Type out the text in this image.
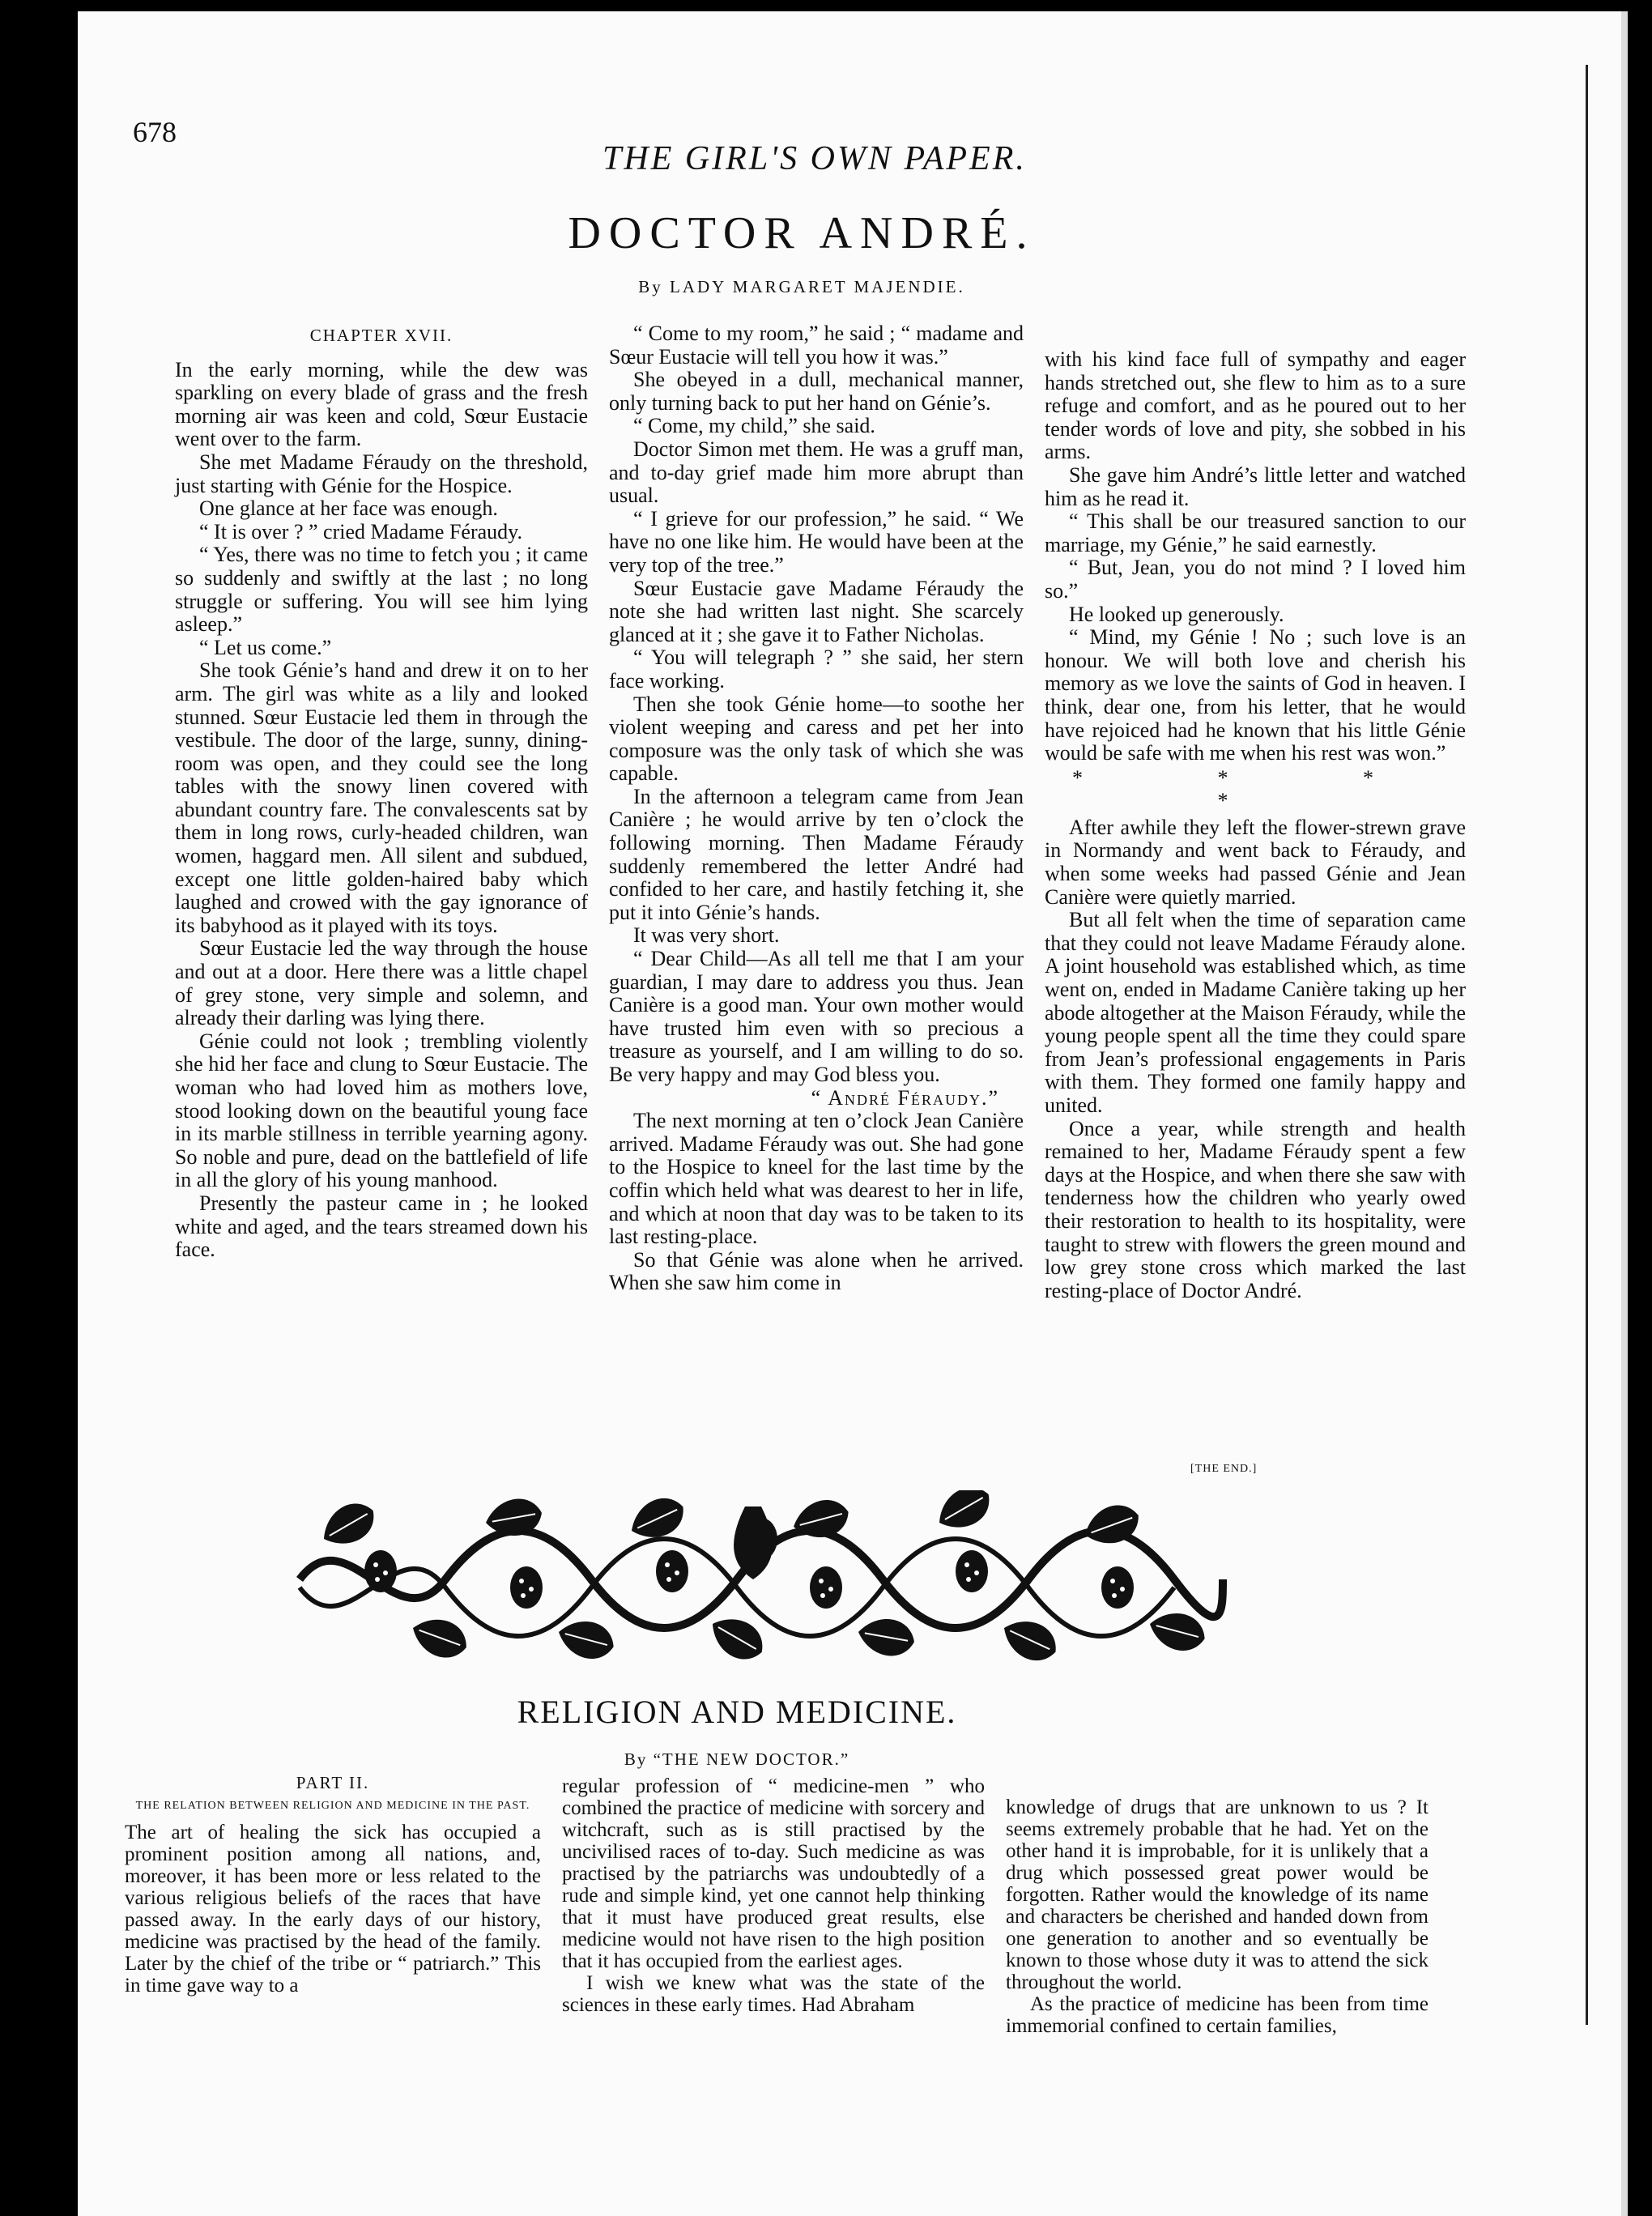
678
THE GIRL'S OWN PAPER.
DOCTOR ANDRÉ.
By LADY MARGARET MAJENDIE.
CHAPTER XVII.

In the early morning, while the dew was sparkling on every blade of grass and the fresh morning air was keen and cold, Sœur Eustacie went over to the farm.

She met Madame Féraudy on the threshold, just starting with Génie for the Hospice.

One glance at her face was enough.

“ It is over ? ” cried Madame Féraudy.

“ Yes, there was no time to fetch you ; it came so suddenly and swiftly at the last ; no long struggle or suffering. You will see him lying asleep.”

“ Let us come.”

She took Génie’s hand and drew it on to her arm. The girl was white as a lily and looked stunned. Sœur Eustacie led them in through the vestibule. The door of the large, sunny, dining-room was open, and they could see the long tables with the snowy linen covered with abundant country fare. The convalescents sat by them in long rows, curly-headed children, wan women, haggard men. All silent and subdued, except one little golden-haired baby which laughed and crowed with the gay ignorance of its babyhood as it played with its toys.

Sœur Eustacie led the way through the house and out at a door. Here there was a little chapel of grey stone, very simple and solemn, and already their darling was lying there.

Génie could not look ; trembling violently she hid her face and clung to Sœur Eustacie. The woman who had loved him as mothers love, stood looking down on the beautiful young face in its marble stillness in terrible yearning agony. So noble and pure, dead on the battlefield of life in all the glory of his young manhood.

Presently the pasteur came in ; he looked white and aged, and the tears streamed down his face.

“ Come to my room,” he said ; “ madame and Sœur Eustacie will tell you how it was.”

She obeyed in a dull, mechanical manner, only turning back to put her hand on Génie’s.

“ Come, my child,” she said.

Doctor Simon met them. He was a gruff man, and to-day grief made him more abrupt than usual.

“ I grieve for our profession,” he said. “ We have no one like him. He would have been at the very top of the tree.”

Sœur Eustacie gave Madame Féraudy the note she had written last night. She scarcely glanced at it ; she gave it to Father Nicholas.

“ You will telegraph ? ” she said, her stern face working.

Then she took Génie home—to soothe her violent weeping and caress and pet her into composure was the only task of which she was capable.

In the afternoon a telegram came from Jean Canière ; he would arrive by ten o’clock the following morning. Then Madame Féraudy suddenly remembered the letter André had confided to her care, and hastily fetching it, she put it into Génie’s hands.

It was very short.

“ Dear Child—As all tell me that I am your guardian, I may dare to address you thus. Jean Canière is a good man. Your own mother would have trusted him even with so precious a treasure as yourself, and I am willing to do so. Be very happy and may God bless you.

“ André Féraudy.”

The next morning at ten o’clock Jean Canière arrived. Madame Féraudy was out. She had gone to the Hospice to kneel for the last time by the coffin which held what was dearest to her in life, and which at noon that day was to be taken to its last resting-place.

So that Génie was alone when he arrived. When she saw him come in

with his kind face full of sympathy and eager hands stretched out, she flew to him as to a sure refuge and comfort, and as he poured out to her tender words of love and pity, she sobbed in his arms.

She gave him André’s little letter and watched him as he read it.

“ This shall be our treasured sanction to our marriage, my Génie,” he said earnestly.

“ But, Jean, you do not mind ? I loved him so.”

He looked up generously.

“ Mind, my Génie ! No ; such love is an honour. We will both love and cherish his memory as we love the saints of God in heaven. I think, dear one, from his letter, that he would have rejoiced had he known that his little Génie would be safe with me when his rest was won.”

* * * *

After awhile they left the flower-strewn grave in Normandy and went back to Féraudy, and when some weeks had passed Génie and Jean Canière were quietly married.

But all felt when the time of separation came that they could not leave Madame Féraudy alone. A joint household was established which, as time went on, ended in Madame Canière taking up her abode altogether at the Maison Féraudy, while the young people spent all the time they could spare from Jean’s professional engagements in Paris with them. They formed one family happy and united.

Once a year, while strength and health remained to her, Madame Féraudy spent a few days at the Hospice, and when there she saw with tenderness how the children who yearly owed their restoration to health to its hospitality, were taught to strew with flowers the green mound and low grey stone cross which marked the last resting-place of Doctor André.

[THE END.]
RELIGION AND MEDICINE.
By “THE NEW DOCTOR.”
PART II.
THE RELATION BETWEEN RELIGION AND MEDICINE IN THE PAST.

The art of healing the sick has occupied a prominent position among all nations, and, moreover, it has been more or less related to the various religious beliefs of the races that have passed away. In the early days of our history, medicine was practised by the head of the family. Later by the chief of the tribe or “ patriarch.” This in time gave way to a

regular profession of “ medicine-men ” who combined the practice of medicine with sorcery and witchcraft, such as is still practised by the uncivilised races of to-day. Such medicine as was practised by the patriarchs was undoubtedly of a rude and simple kind, yet one cannot help thinking that it must have produced great results, else medicine would not have risen to the high position that it has occupied from the earliest ages.

I wish we knew what was the state of the sciences in these early times. Had Abraham

knowledge of drugs that are unknown to us ? It seems extremely probable that he had. Yet on the other hand it is improbable, for it is unlikely that a drug which possessed great power would be forgotten. Rather would the knowledge of its name and characters be cherished and handed down from one generation to another and so eventually be known to those whose duty it was to attend the sick throughout the world.

As the practice of medicine has been from time immemorial confined to certain families,
